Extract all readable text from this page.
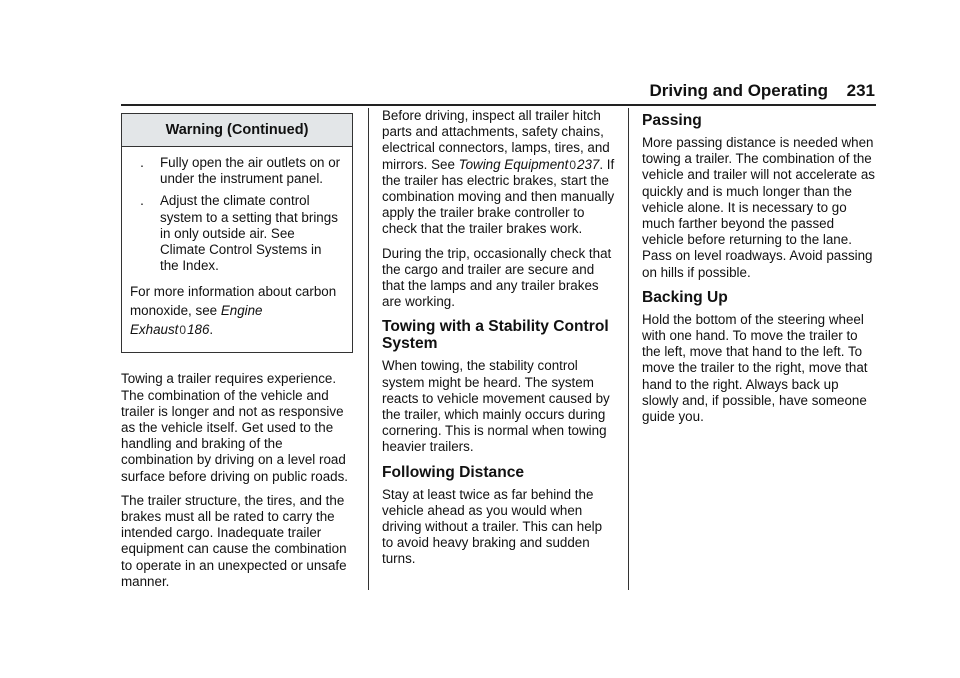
Driving and Operating 231
Warning (Continued)
.	Fully open the air outlets on or under the instrument panel.
.	Adjust the climate control system to a setting that brings in only outside air. See Climate Control Systems in the Index.
For more information about carbon monoxide, see Engine Exhaust0186.

Towing a trailer requires experience. The combination of the vehicle and trailer is longer and not as responsive as the vehicle itself. Get used to the handling and braking of the combination by driving on a level road surface before driving on public roads.

The trailer structure, the tires, and the brakes must all be rated to carry the intended cargo. Inadequate trailer equipment can cause the combination to operate in an unexpected or unsafe manner.

Before driving, inspect all trailer hitch parts and attachments, safety chains, electrical connectors, lamps, tires, and mirrors. See Towing Equipment0237. If the trailer has electric brakes, start the combination moving and then manually apply the trailer brake controller to check that the trailer brakes work.

During the trip, occasionally check that the cargo and trailer are secure and that the lamps and any trailer brakes are working.

Towing with a Stability Control System

When towing, the stability control system might be heard. The system reacts to vehicle movement caused by the trailer, which mainly occurs during cornering. This is normal when towing heavier trailers.

Following Distance

Stay at least twice as far behind the vehicle ahead as you would when driving without a trailer. This can help to avoid heavy braking and sudden turns.

Passing

More passing distance is needed when towing a trailer. The combination of the vehicle and trailer will not accelerate as quickly and is much longer than the vehicle alone. It is necessary to go much farther beyond the passed vehicle before returning to the lane. Pass on level roadways. Avoid passing on hills if possible.

Backing Up

Hold the bottom of the steering wheel with one hand. To move the trailer to the left, move that hand to the left. To move the trailer to the right, move that hand to the right. Always back up slowly and, if possible, have someone guide you.
